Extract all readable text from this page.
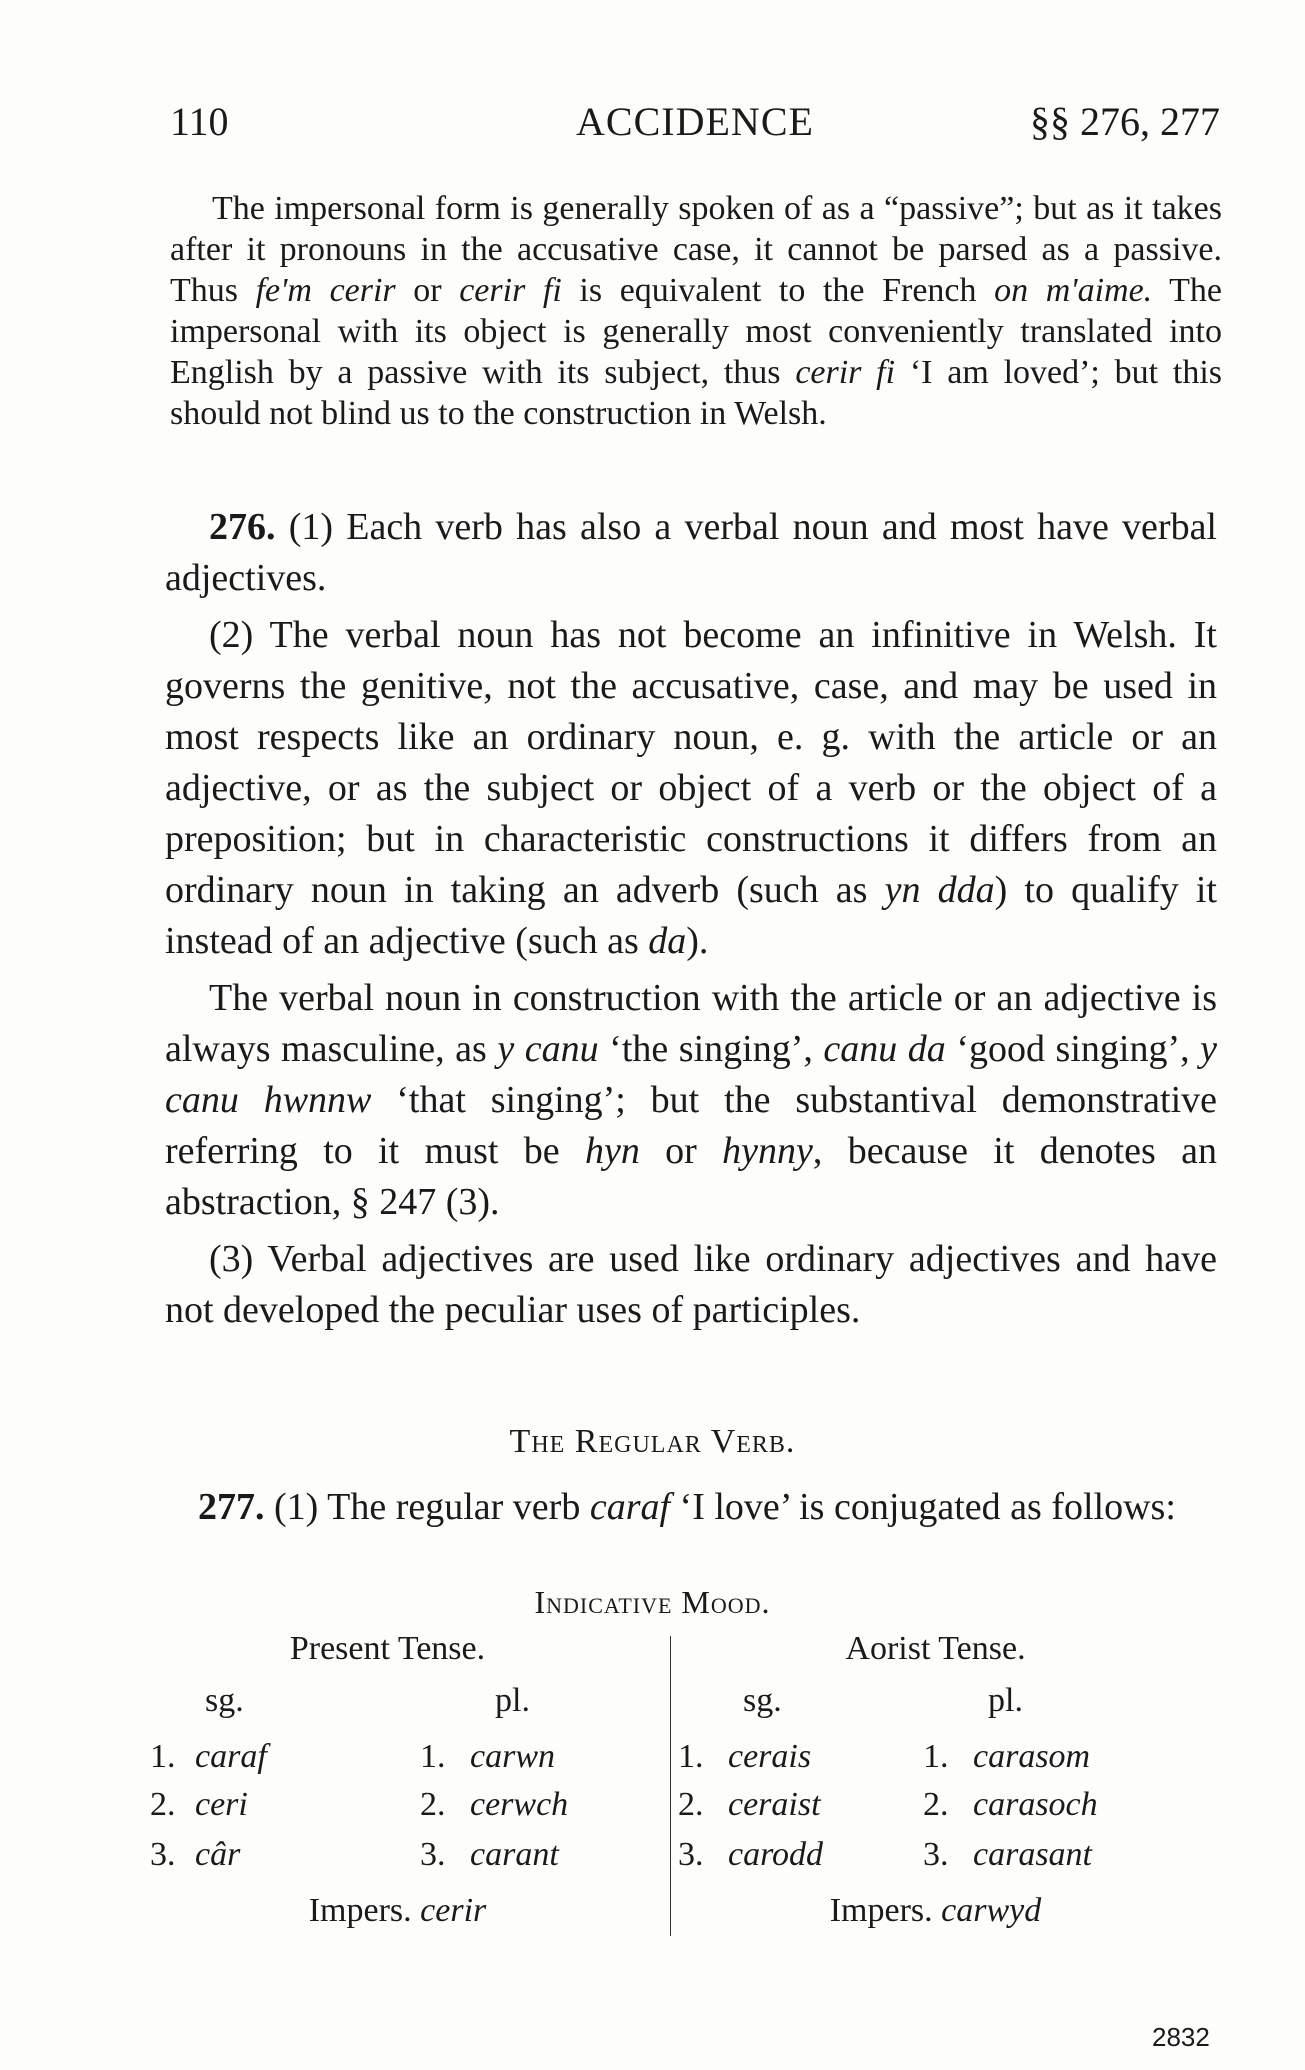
110	ACCIDENCE	§§ 276, 277
The impersonal form is generally spoken of as a “passive”; but as it takes after it pronouns in the accusative case, it cannot be parsed as a passive. Thus fe'm cerir or cerir fi is equivalent to the French on m'aime. The impersonal with its object is generally most conveniently translated into English by a passive with its subject, thus cerir fi ‘I am loved’; but this should not blind us to the construction in Welsh.

276. (1) Each verb has also a verbal noun and most have verbal adjectives.

(2) The verbal noun has not become an infinitive in Welsh. It governs the genitive, not the accusative, case, and may be used in most respects like an ordinary noun, e. g. with the article or an adjective, or as the subject or object of a verb or the object of a preposition; but in characteristic constructions it differs from an ordinary noun in taking an adverb (such as yn dda) to qualify it instead of an adjective (such as da).

The verbal noun in construction with the article or an adjective is always masculine, as y canu ‘the singing’, canu da ‘good singing’, y canu hwnnw ‘that singing’; but the substantival demonstrative referring to it must be hyn or hynny, because it denotes an abstraction, § 247 (3).

(3) Verbal adjectives are used like ordinary adjectives and have not developed the peculiar uses of participles.

The Regular Verb.
277. (1) The regular verb caraf ‘I love’ is conjugated as follows:
Indicative Mood.
Present Tense.
sg.	pl.
1. caraf	1. carwn
2. ceri	2. cerwch
3. câr	3. carant
Impers. cerir
Aorist Tense.
sg.	pl.
1. cerais	1. carasom
2. ceraist	2. carasoch
3. carodd	3. carasant
Impers. carwyd
2832
